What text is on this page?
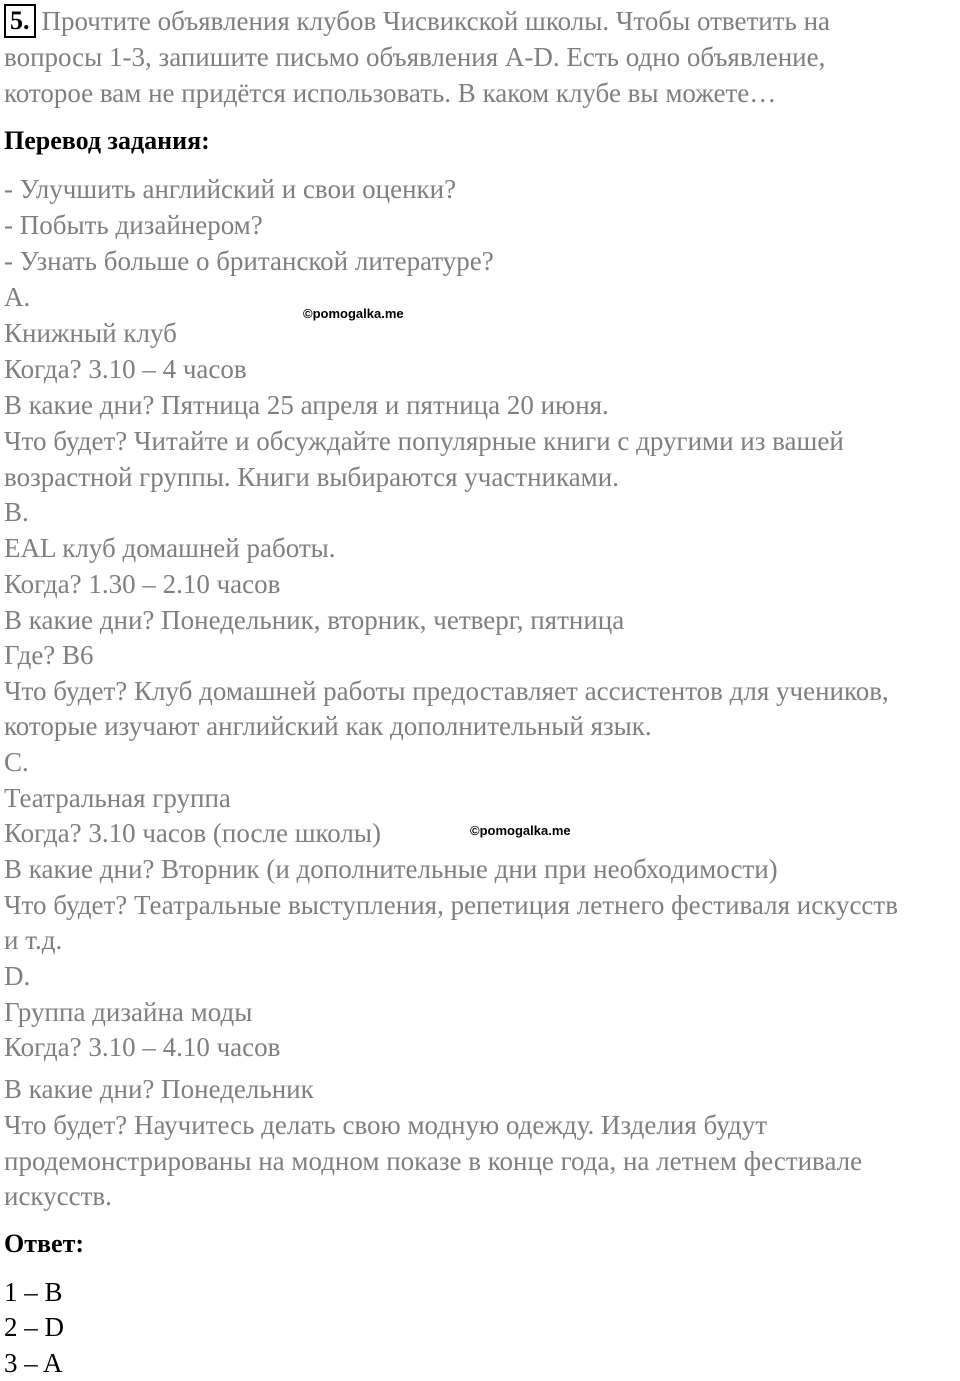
5. Прочтите объявления клубов Чисвикской школы. Чтобы ответить на
вопросы 1-3, запишите письмо объявления A-D. Есть одно объявление,
которое вам не придётся использовать. В каком клубе вы можете…
Перевод задания:
- Улучшить английский и свои оценки?
- Побыть дизайнером?
- Узнать больше о британской литературе?
A.
Книжный клуб
Когда? 3.10 – 4 часов
В какие дни? Пятница 25 апреля и пятница 20 июня.
Что будет? Читайте и обсуждайте популярные книги с другими из вашей
возрастной группы. Книги выбираются участниками.
B.
EAL клуб домашней работы.
Когда? 1.30 – 2.10 часов
В какие дни? Понедельник, вторник, четверг, пятница
Где? В6
Что будет? Клуб домашней работы предоставляет ассистентов для учеников,
которые изучают английский как дополнительный язык.
C.
Театральная группа
Когда? 3.10 часов (после школы)
В какие дни? Вторник (и дополнительные дни при необходимости)
Что будет? Театральные выступления, репетиция летнего фестиваля искусств
и т.д.
D.
Группа дизайна моды
Когда? 3.10 – 4.10 часов
В какие дни? Понедельник
Что будет? Научитесь делать свою модную одежду. Изделия будут
продемонстрированы на модном показе в конце года, на летнем фестивале
искусств.
Ответ:
1 – B
2 – D
3 – A
©pomogalka.me
©pomogalka.me
